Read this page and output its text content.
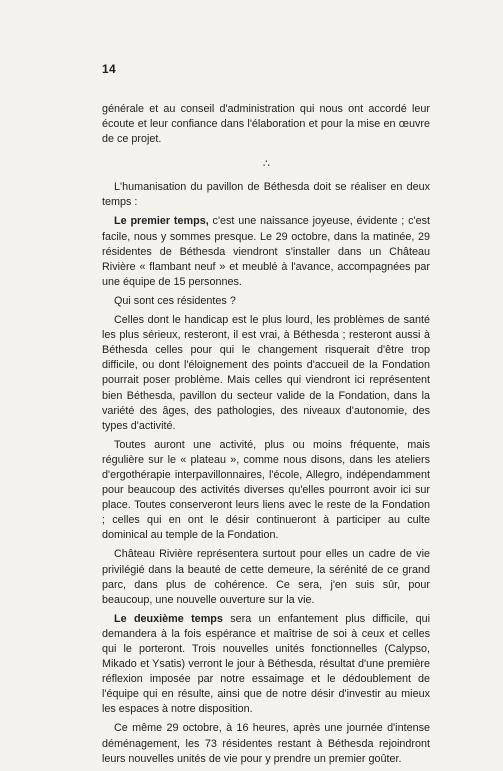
14

générale et au conseil d'administration qui nous ont accordé leur écoute et leur confiance dans l'élaboration et pour la mise en œuvre de ce projet.

∴

L'humanisation du pavillon de Béthesda doit se réaliser en deux temps :

Le premier temps, c'est une naissance joyeuse, évidente ; c'est facile, nous y sommes presque. Le 29 octobre, dans la matinée, 29 résidentes de Béthesda viendront s'installer dans un Château Rivière « flambant neuf » et meublé à l'avance, accompagnées par une équipe de 15 personnes.

Qui sont ces résidentes ?

Celles dont le handicap est le plus lourd, les problèmes de santé les plus sérieux, resteront, il est vrai, à Béthesda ; resteront aussi à Béthesda celles pour qui le changement risquerait d'être trop difficile, ou dont l'éloignement des points d'accueil de la Fondation pourrait poser problème. Mais celles qui viendront ici représentent bien Béthesda, pavillon du secteur valide de la Fondation, dans la variété des âges, des pathologies, des niveaux d'autonomie, des types d'activité.

Toutes auront une activité, plus ou moins fréquente, mais régulière sur le « plateau », comme nous disons, dans les ateliers d'ergothérapie interpavillonnaires, l'école, Allegro, indépendamment pour beaucoup des activités diverses qu'elles pourront avoir ici sur place. Toutes conserveront leurs liens avec le reste de la Fondation ; celles qui en ont le désir continueront à participer au culte dominical au temple de la Fondation.

Château Rivière représentera surtout pour elles un cadre de vie privilégié dans la beauté de cette demeure, la sérénité de ce grand parc, dans plus de cohérence. Ce sera, j'en suis sûr, pour beaucoup, une nouvelle ouverture sur la vie.

Le deuxième temps sera un enfantement plus difficile, qui demandera à la fois espérance et maîtrise de soi à ceux et celles qui le porteront. Trois nouvelles unités fonctionnelles (Calypso, Mikado et Ysatis) verront le jour à Béthesda, résultat d'une première réflexion imposée par notre essaimage et le dédoublement de l'équipe qui en résulte, ainsi que de notre désir d'investir au mieux les espaces à notre disposition.

Ce même 29 octobre, à 16 heures, après une journée d'intense déménagement, les 73 résidentes restant à Béthesda rejoindront leurs nouvelles unités de vie pour y prendre un premier goûter.
